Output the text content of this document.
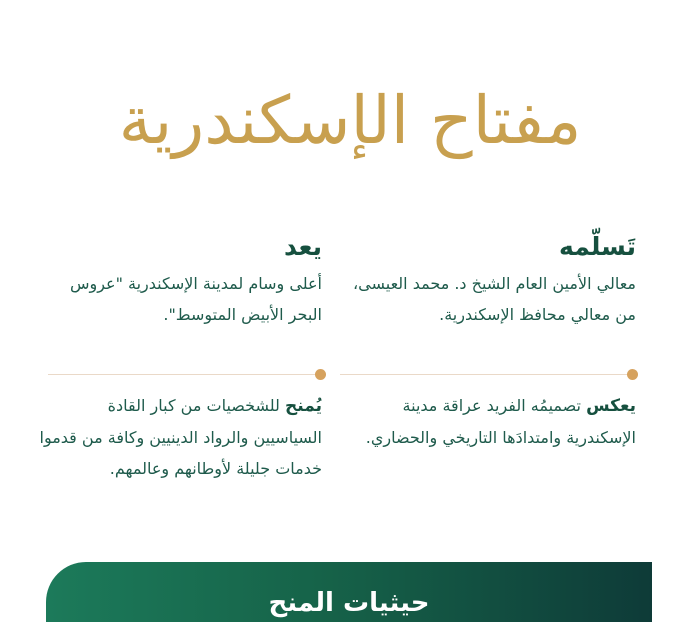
مفتاح الإسكندرية
تَسلّمه
معالي الأمين العام الشيخ د. محمد العيسى، من معالي محافظ الإسكندرية.
يعد
أعلى وسام لمدينة الإسكندرية "عروس البحر الأبيض المتوسط".
يعكس تصميمُه الفريد عراقة مدينة الإسكندرية وامتدادَها التاريخي والحضاري.
يُمنح للشخصيات من كبار القادة السياسيين والرواد الدينيين وكافة من قدموا خدمات جليلة لأوطانهم وعالمهم.
حيثيات المنح
